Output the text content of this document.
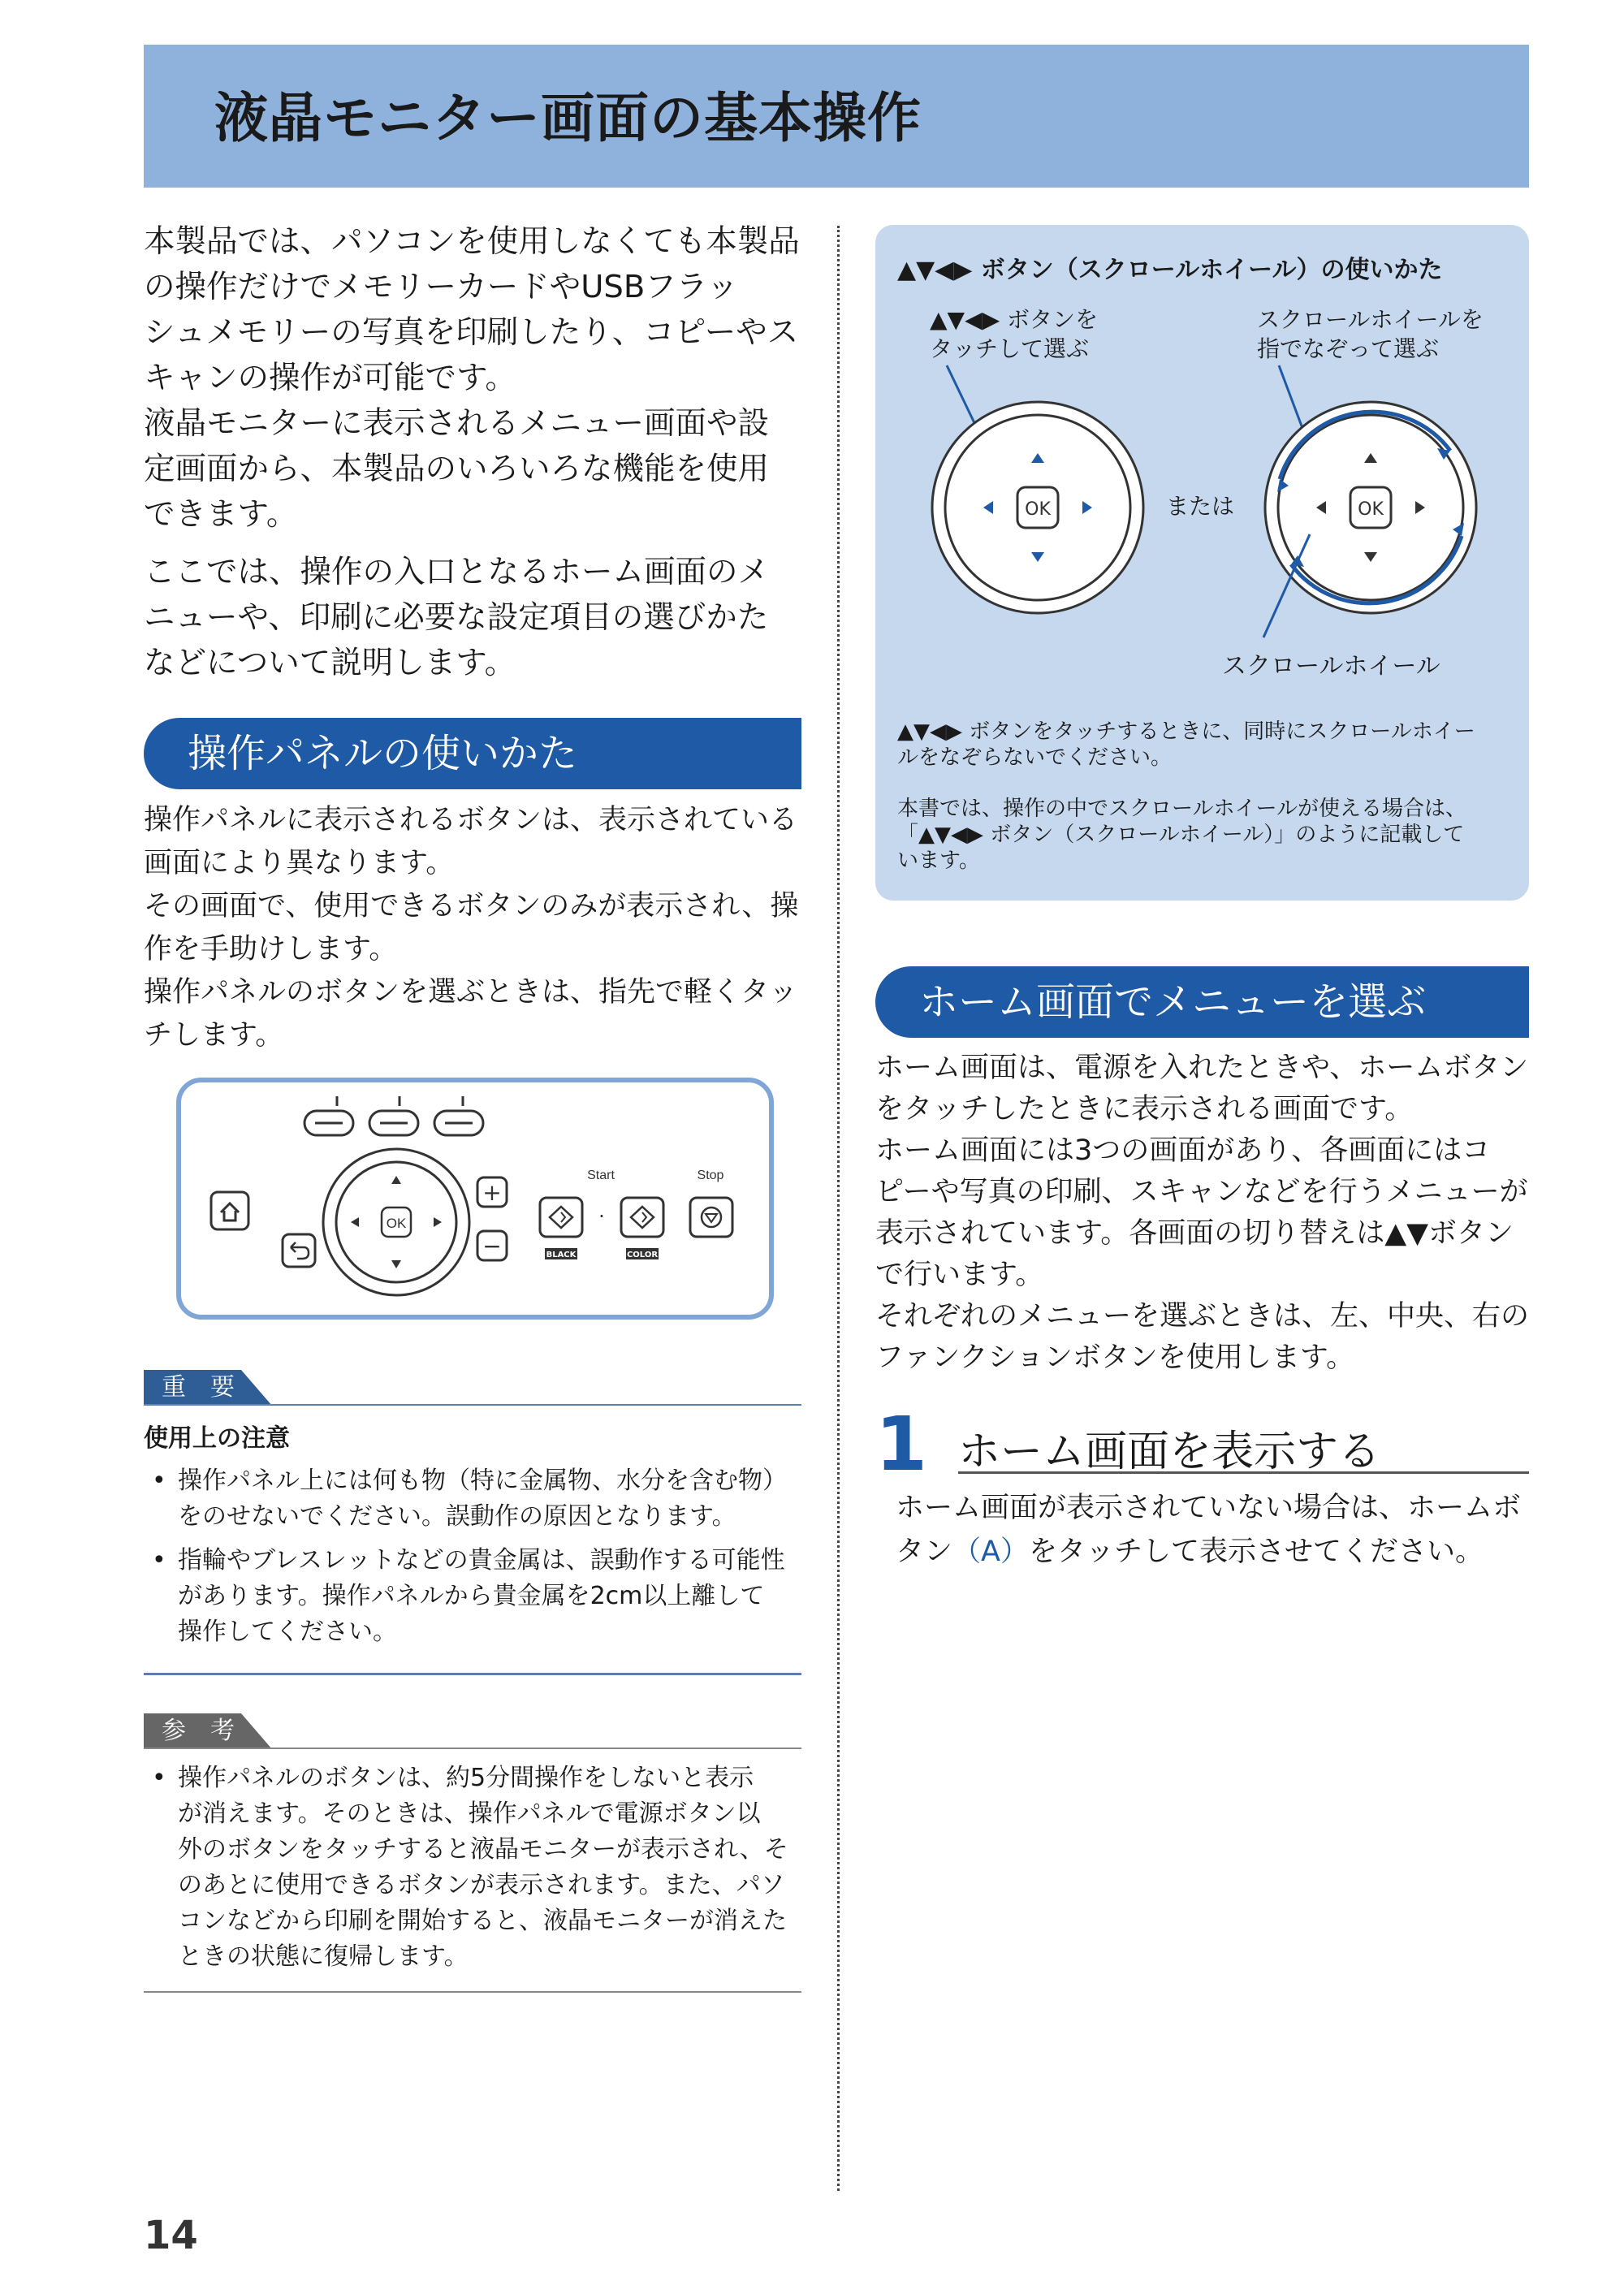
液晶モニター画面の基本操作

本製品では、パソコンを使用しなくても本製品

の操作だけでメモリーカードやUSBフラッ

シュメモリーの写真を印刷したり、コピーやス

キャンの操作が可能です。

液晶モニターに表示されるメニュー画面や設

定画面から、本製品のいろいろな機能を使用

できます。

ここでは、操作の入口となるホーム画面のメ

ニューや、印刷に必要な設定項目の選びかた

などについて説明します。

操作パネルの使いかた

操作パネルに表示されるボタンは、表示されている

画面により異なります。

その画面で、使用できるボタンのみが表示され、操

作を手助けします。

操作パネルのボタンを選ぶときは、指先で軽くタッ

チします。

OK
+
−
Start
·
BLACK	COLOR
Stop
重　要
使用上の注意
• 操作パネル上には何も物（特に金属物、水分を含む物）
をのせないでください。誤動作の原因となります。
• 指輪やブレスレットなどの貴金属は、誤動作する可能性
があります。操作パネルから貴金属を2cm以上離して
操作してください。
参　考
• 操作パネルのボタンは、約5分間操作をしないと表示
が消えます。そのときは、操作パネルで電源ボタン以
外のボタンをタッチすると液晶モニターが表示され、そ
のあとに使用できるボタンが表示されます。また、パソ
コンなどから印刷を開始すると、液晶モニターが消えた
ときの状態に復帰します。
▲▼◀▶ ボタン（スクロールホイール）の使いかた
▲▼◀▶ ボタンを
タッチして選ぶ
スクロールホイールを
指でなぞって選ぶ
OK	または	OK
スクロールホイール
▲▼◀▶ ボタンをタッチするときに、同時にスクロールホイー
ルをなぞらないでください。
本書では、操作の中でスクロールホイールが使える場合は、
「▲▼◀▶ ボタン（スクロールホイール）」のように記載して
います。
ホーム画面でメニューを選ぶ

ホーム画面は、電源を入れたときや、ホームボタン

をタッチしたときに表示される画面です。

ホーム画面には3つの画面があり、各画面にはコ

ピーや写真の印刷、スキャンなどを行うメニューが

表示されています。各画面の切り替えは▲▼ボタン

で行います。

それぞれのメニューを選ぶときは、左、中央、右の

ファンクションボタンを使用します。

1 ホーム画面を表示する

ホーム画面が表示されていない場合は、ホームボ

タン（A）をタッチして表示させてください。

14
